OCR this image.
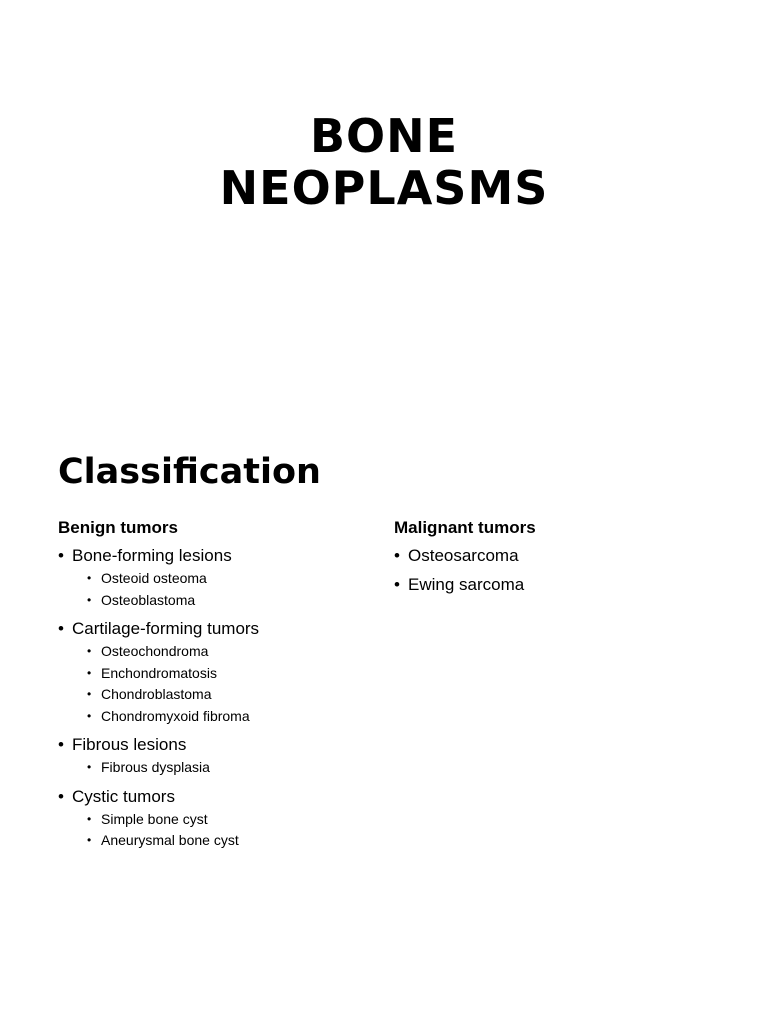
BONE
NEOPLASMS
Classification

Benign tumors

• Bone-forming lesions
• Osteoid osteoma
• Osteoblastoma
• Cartilage-forming tumors
• Osteochondroma
• Enchondromatosis
• Chondroblastoma
• Chondromyxoid fibroma
• Fibrous lesions
• Fibrous dysplasia
• Cystic tumors
• Simple bone cyst
• Aneurysmal bone cyst

Malignant tumors

• Osteosarcoma
• Ewing sarcoma
